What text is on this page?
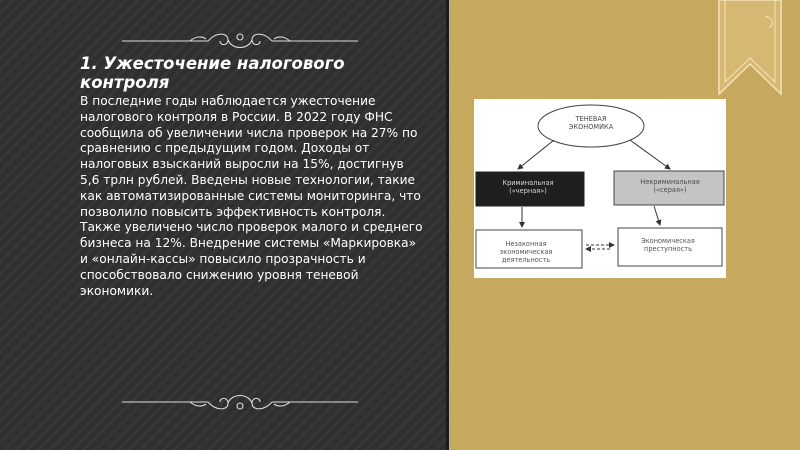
1. Ужесточение налогового контроля

В последние годы наблюдается ужесточение налогового контроля в России. В 2022 году ФНС сообщила об увеличении числа проверок на 27% по сравнению с предыдущим годом. Доходы от налоговых взысканий выросли на 15%, достигнув 5,6 трлн рублей. Введены новые технологии, такие как автоматизированные системы мониторинга, что позволило повысить эффективность контроля. Также увеличено число проверок малого и среднего бизнеса на 12%. Внедрение системы «Маркировка» и «онлайн-кассы» повысило прозрачность и способствовало снижению уровня теневой экономики.

ТЕНЕВАЯ
ЭКОНОМИКА
Криминальная
(«черная»)
Некриминальная
(«серая»)
Незаконная
экономическая
деятельность
Экономическая
преступность
